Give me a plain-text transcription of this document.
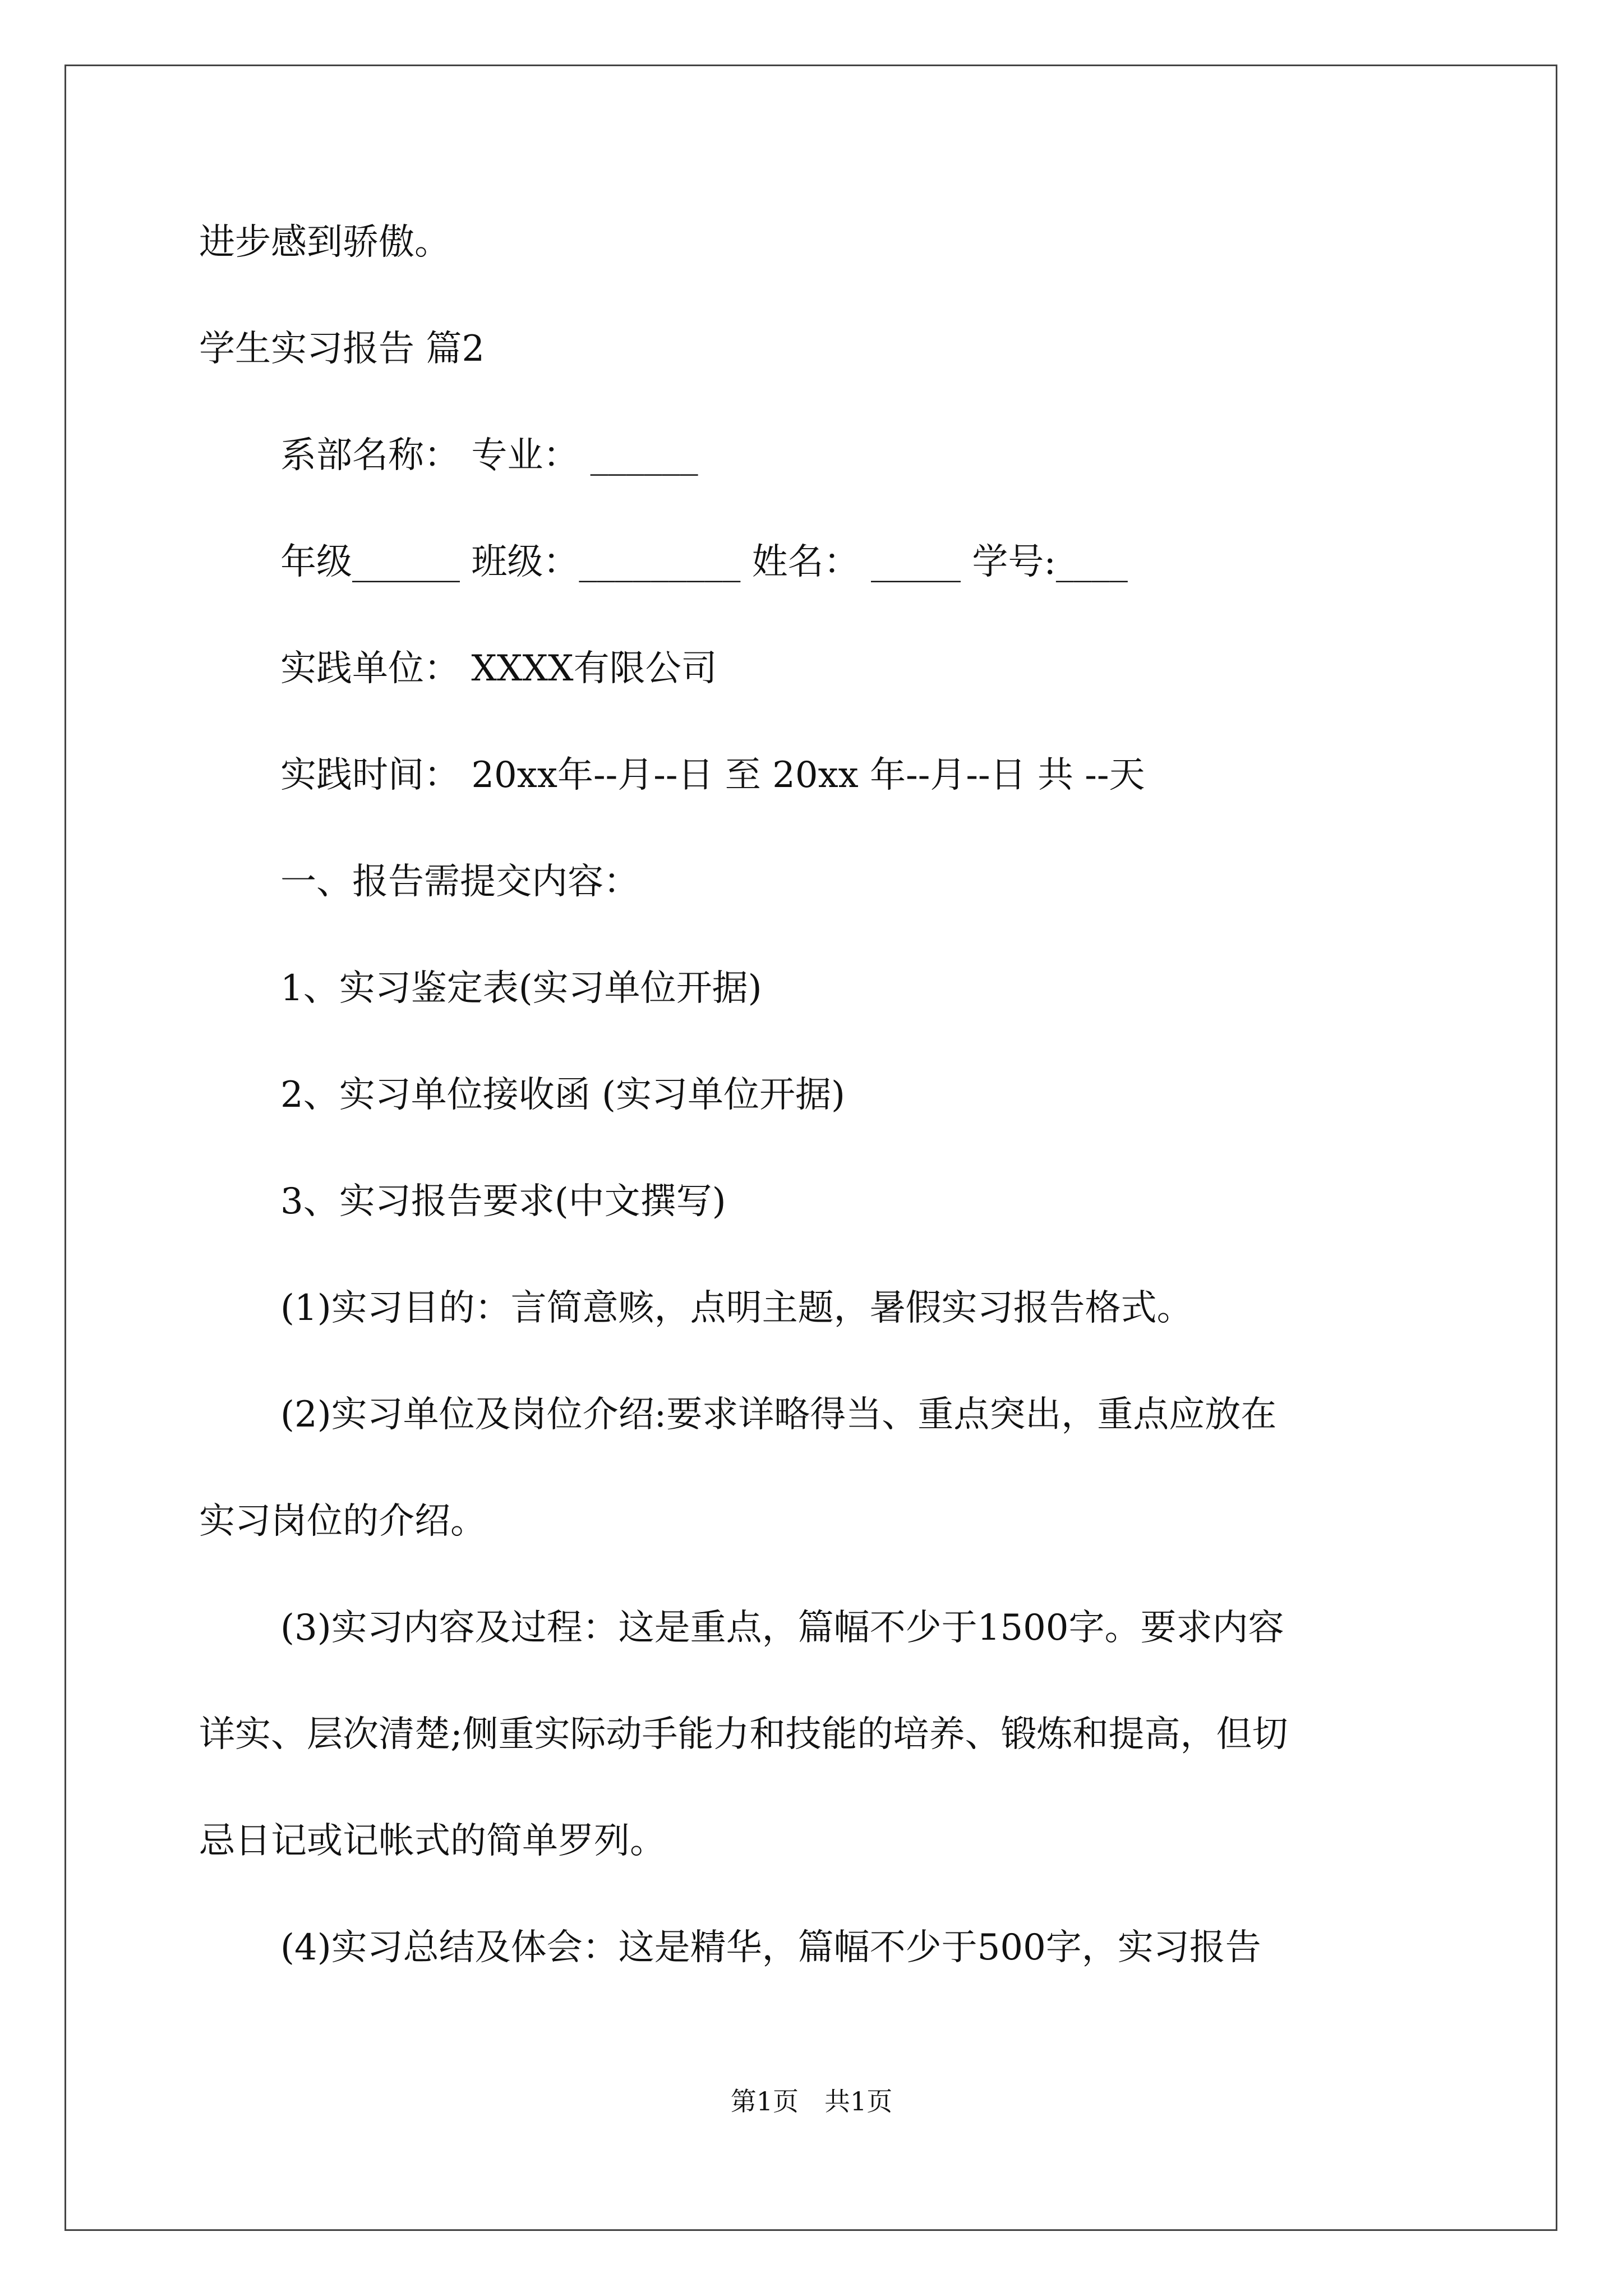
进步感到骄傲。

学生实习报告 篇2

系部名称： 专业： ______

年级______ 班级：_________ 姓名： _____ 学号:____

实践单位： XXXX有限公司

实践时间： 20xx年--月--日 至 20xx 年--月--日 共 --天

一、报告需提交内容：

1、实习鉴定表(实习单位开据)

2、实习单位接收函 (实习单位开据)

3、实习报告要求(中文撰写)

(1)实习目的：言简意赅，点明主题，暑假实习报告格式。

(2)实习单位及岗位介绍:要求详略得当、重点突出，重点应放在

实习岗位的介绍。

(3)实习内容及过程：这是重点，篇幅不少于1500字。要求内容

详实、层次清楚;侧重实际动手能力和技能的培养、锻炼和提高，但切

忌日记或记帐式的简单罗列。

(4)实习总结及体会：这是精华，篇幅不少于500字，实习报告

第1页　共1页
